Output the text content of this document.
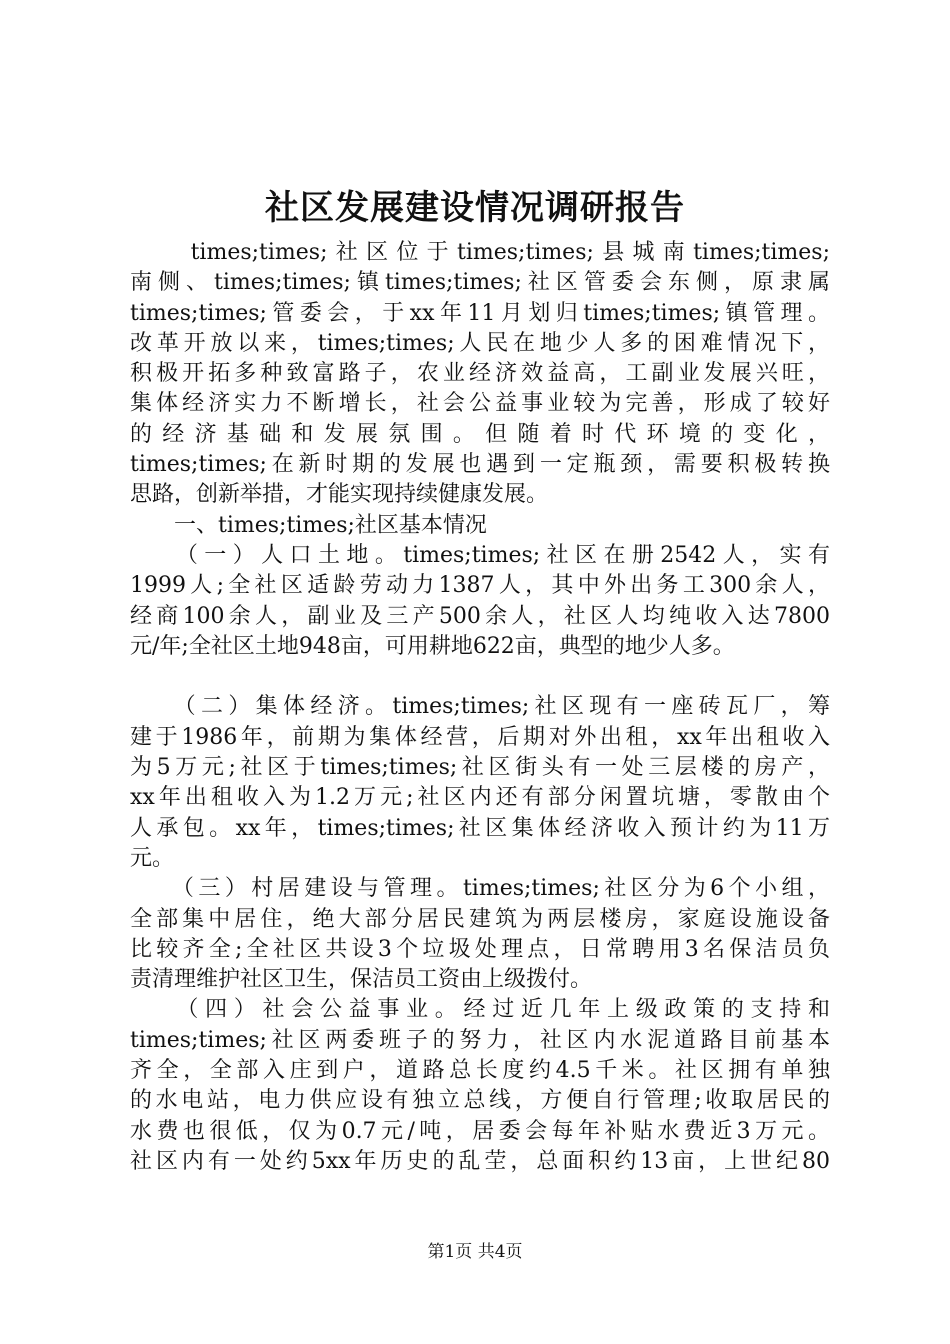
社区发展建设情况调研报告
　　times;times;社区位于times;times;县城南times;times;
南侧、times;times;镇times;times;社区管委会东侧，原隶属
times;times;管委会，于xx年11月划归times;times;镇管理。
改革开放以来，times;times;人民在地少人多的困难情况下，
积极开拓多种致富路子，农业经济效益高，工副业发展兴旺，
集体经济实力不断增长，社会公益事业较为完善，形成了较好
的经济基础和发展氛围。但随着时代环境的变化，
times;times;在新时期的发展也遇到一定瓶颈，需要积极转换
思路，创新举措，才能实现持续健康发展。
　　一、times;times;社区基本情况
　　（一）人口土地。times;times;社区在册2542人，实有
1999人;全社区适龄劳动力1387人，其中外出务工300余人，
经商100余人，副业及三产500余人，社区人均纯收入达7800
元/年;全社区土地948亩，可用耕地622亩，典型的地少人多。
　　（二）集体经济。times;times;社区现有一座砖瓦厂，筹
建于1986年，前期为集体经营，后期对外出租，xx年出租收入
为5万元;社区于times;times;社区街头有一处三层楼的房产，
xx年出租收入为1.2万元;社区内还有部分闲置坑塘，零散由个
人承包。xx年，times;times;社区集体经济收入预计约为11万
元。
　　（三）村居建设与管理。times;times;社区分为6个小组，
全部集中居住，绝大部分居民建筑为两层楼房，家庭设施设备
比较齐全;全社区共设3个垃圾处理点，日常聘用3名保洁员负
责清理维护社区卫生，保洁员工资由上级拨付。
　　（四）社会公益事业。经过近几年上级政策的支持和
times;times;社区两委班子的努力，社区内水泥道路目前基本
齐全，全部入庄到户，道路总长度约4.5千米。社区拥有单独
的水电站，电力供应设有独立总线，方便自行管理;收取居民的
水费也很低，仅为0.7元/吨，居委会每年补贴水费近3万元。
社区内有一处约5xx年历史的乱茔，总面积约13亩，上世纪80
第1页 共4页
